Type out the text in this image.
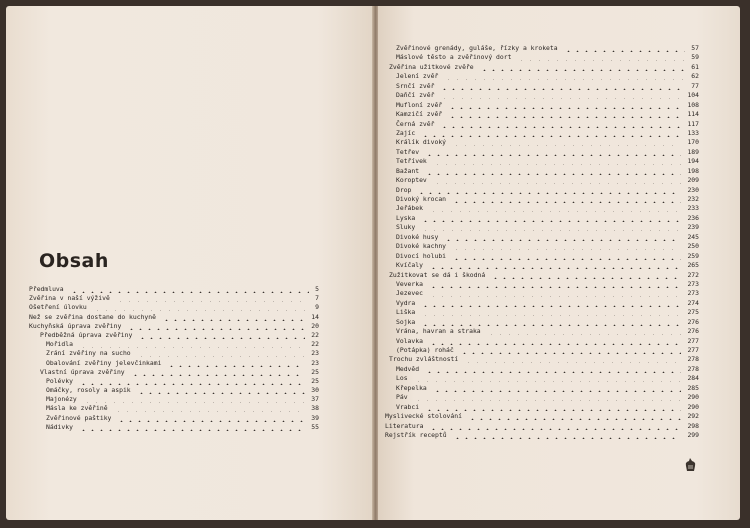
Obsah
Předmluva	5
Zvěřina v naší výživě	7
Ošetření úlovku	9
Než se zvěřina dostane do kuchyně	14
Kuchyňská úprava zvěřiny	20
Předběžná úprava zvěřiny	22
Mořidla	22
Zrání zvěřiny na sucho	23
Obalování zvěřiny jelevčinkami	23
Vlastní úprava zvěřiny	25
Polévky	25
Omáčky, rosoly a aspik	30
Majonézy	37
Másla ke zvěřině	38
Zvěřinové paštiky	39
Nádivky	55
Zvěřinové grenády, guláše, řízky a kroketa	57
Máslové těsto a zvěřinový dort	59
Zvěřina užitkové zvěře	61
Jelení zvěř	62
Srnčí zvěř	77
Daňčí zvěř	104
Mufloní zvěř	108
Kamzičí zvěř	114
Černá zvěř	117
Zajíc	133
Králík divoký	170
Tetřev	189
Tetřívek	194
Bažant	198
Koroptev	209
Drop	230
Divoký krocan	232
Jeřábek	233
Lyska	236
Sluky	239
Divoké husy	245
Divoké kachny	250
Divocí holubi	259
Kvíčaly	265
Zužitkovat se dá i škodná	272
Veverka	273
Jezevec	273
Vydra	274
Liška	275
Sojka	276
Vrána, havran a straka	276
Volavka	277
(Potápka) roháč	277
Trochu zvláštností	278
Medvěd	278
Los	284
Křepelka	285
Páv	290
Vrabci	290
Myslivecké stolování	292
Literatura	298
Rejstřík receptů	299
